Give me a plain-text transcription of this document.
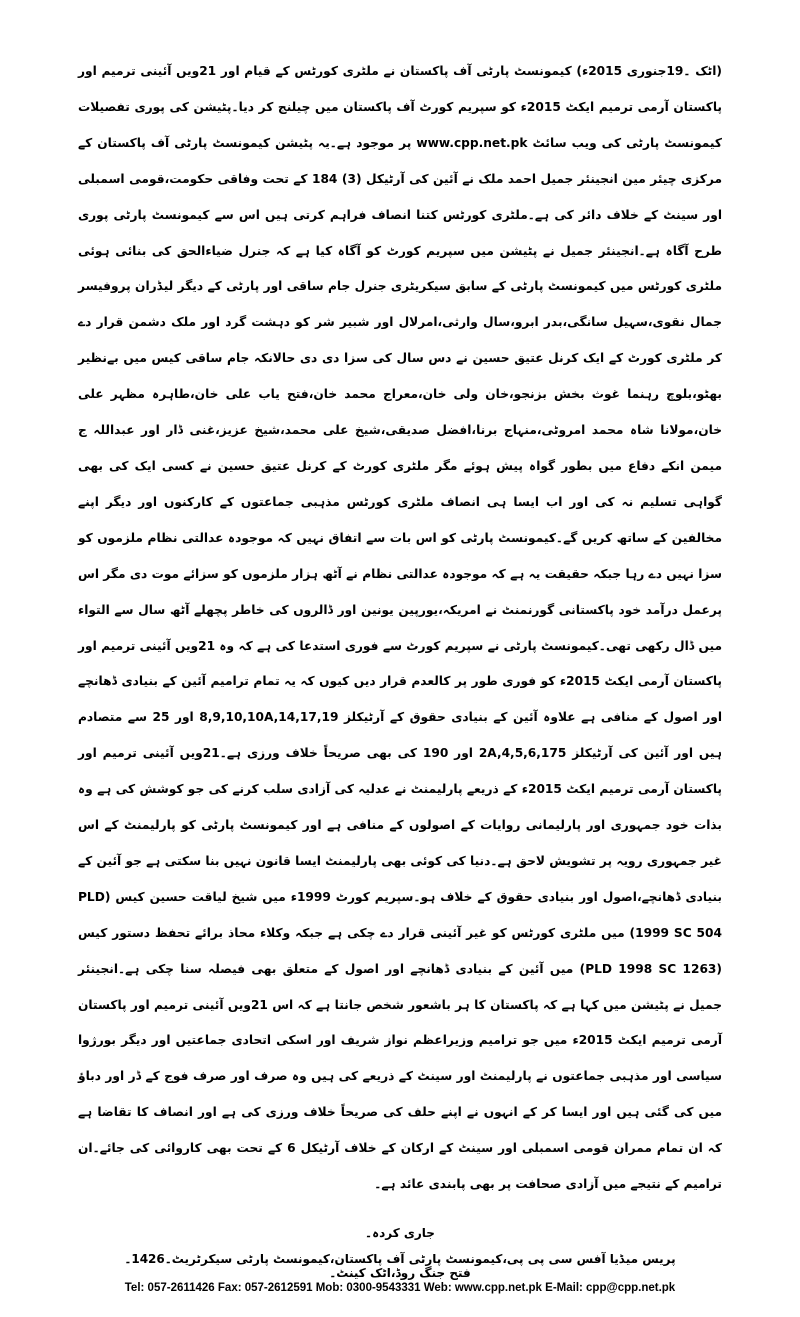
(اٹک ۔19جنوری 2015ء) کیمونسٹ پارٹی آف پاکستان نے ملٹری کورٹس کے قیام اور 21ویں آئینی ترمیم اور پاکستان آرمی ترمیم ایکٹ 2015ء کو سپریم کورٹ آف پاکستان میں چیلنج کر دیا۔پٹیشن کی پوری تفصیلات کیمونسٹ پارٹی کی ویب سائٹ www.cpp.net.pk پر موجود ہے۔یہ پٹیشن کیمونسٹ پارٹی آف پاکستان کے مرکزی چیئر مین انجینئر جمیل احمد ملک نے آئین کی آرٹیکل (3) 184 کے تحت وفاقی حکومت،قومی اسمبلی اور سینٹ کے خلاف دائر کی ہے۔ملٹری کورٹس کتنا انصاف فراہم کرتی ہیں اس سے کیمونسٹ پارٹی پوری طرح آگاہ ہے۔انجینئر جمیل نے پٹیشن میں سپریم کورٹ کو آگاہ کیا ہے کہ جنرل ضیاءالحق کی بنائی ہوئی ملٹری کورٹس میں کیمونسٹ پارٹی کے سابق سیکریٹری جنرل جام ساقی اور پارٹی کے دیگر لیڈران پروفیسر جمال نقوی،سہیل سانگی،بدر ابرو،سال وارثی،امرلال اور شبیر شر کو دہشت گرد اور ملک دشمن قرار دے کر ملٹری کورٹ کے ایک کرنل عتیق حسین نے دس سال کی سزا دی دی حالانکہ جام ساقی کیس میں بےنظیر بھٹو،بلوچ رہنما غوث بخش بزنجو،خان ولی خان،معراج محمد خان،فتح یاب علی خان،طاہرہ مظہر علی خان،مولانا شاہ محمد امروٹی،منہاج برنا،افضل صدیقی،شیخ علی محمد،شیخ عزیز،غنی ڈار اور عبداللہ ج میمن انکے دفاع میں بطور گواہ پیش ہوئے مگر ملٹری کورٹ کے کرنل عتیق حسین نے کسی ایک کی بھی گواہی تسلیم نہ کی اور اب ایسا ہی انصاف ملٹری کورٹس مذہبی جماعتوں کے کارکنوں اور دیگر اپنے مخالفین کے ساتھ کریں گے۔کیمونسٹ پارٹی کو اس بات سے اتفاق نہیں کہ موجودہ عدالتی نظام ملزموں کو سزا نہیں دے رہا جبکہ حقیقت یہ ہے کہ موجودہ عدالتی نظام نے آٹھ ہزار ملزموں کو سزائے موت دی مگر اس پرعمل درآمد خود پاکستانی گورنمنٹ نے امریکہ،یورپین یونین اور ڈالروں کی خاطر پچھلے آٹھ سال سے التواء میں ڈال رکھی تھی۔کیمونسٹ پارٹی نے سپریم کورٹ سے فوری استدعا کی ہے کہ وہ 21ویں آئینی ترمیم اور پاکستان آرمی ایکٹ 2015ء کو فوری طور پر کالعدم قرار دیں کیوں کہ یہ تمام ترامیم آئین کے بنیادی ڈھانچے اور اصول کے منافی ہے علاوہ آئین کے بنیادی حقوق کے آرٹیکلز 8,9,10,10A,14,17,19 اور 25 سے متصادم ہیں اور آئین کی آرٹیکلز 2A,4,5,6,175 اور 190 کی بھی صریحاً خلاف ورزی ہے۔21ویں آئینی ترمیم اور پاکستان آرمی ترمیم ایکٹ 2015ء کے ذریعے پارلیمنٹ نے عدلیہ کی آزادی سلب کرنے کی جو کوشش کی ہے وہ بذات خود جمہوری اور پارلیمانی روایات کے اصولوں کے منافی ہے اور کیمونسٹ پارٹی کو پارلیمنٹ کے اس غیر جمہوری رویہ پر تشویش لاحق ہے۔دنیا کی کوئی بھی پارلیمنٹ ایسا قانون نہیں بنا سکتی ہے جو آئین کے بنیادی ڈھانچے،اصول اور بنیادی حقوق کے خلاف ہو۔سپریم کورٹ 1999ء میں شیخ لیاقت حسین کیس (PLD 1999 SC 504) میں ملٹری کورٹس کو غیر آئینی قرار دے چکی ہے جبکہ وکلاء محاذ برائے تحفظ دستور کیس (PLD 1998 SC 1263) میں آئین کے بنیادی ڈھانچے اور اصول کے متعلق بھی فیصلہ سنا چکی ہے۔انجینئر جمیل نے پٹیشن میں کہا ہے کہ پاکستان کا ہر باشعور شخص جانتا ہے کہ اس 21ویں آئینی ترمیم اور پاکستان آرمی ترمیم ایکٹ 2015ء میں جو ترامیم وزیراعظم نواز شریف اور اسکی اتحادی جماعتیں اور دیگر بورژوا سیاسی اور مذہبی جماعتوں نے پارلیمنٹ اور سینٹ کے ذریعے کی ہیں وہ صرف اور صرف فوج کے ڈر اور دباؤ میں کی گئی ہیں اور ایسا کر کے انہوں نے اپنے حلف کی صریحاً خلاف ورزی کی ہے اور انصاف کا تقاضا ہے کہ ان تمام ممران قومی اسمبلی اور سینٹ کے ارکان کے خلاف آرٹیکل 6 کے تحت بھی کاروائی کی جائے۔ان ترامیم کے نتیجے میں آزادی صحافت پر بھی پابندی عائد ہے۔
جاری کردہ۔
پریس میڈیا آفس سی پی پی،کیمونسٹ پارٹی آف پاکستان،کیمونسٹ پارٹی سیکرٹریٹ۔1426۔فتح جنگ روڈ،اٹک کینٹ۔
Tel: 057-2611426 Fax: 057-2612591 Mob: 0300-9543331 Web: www.cpp.net.pk E-Mail: cpp@cpp.net.pk
